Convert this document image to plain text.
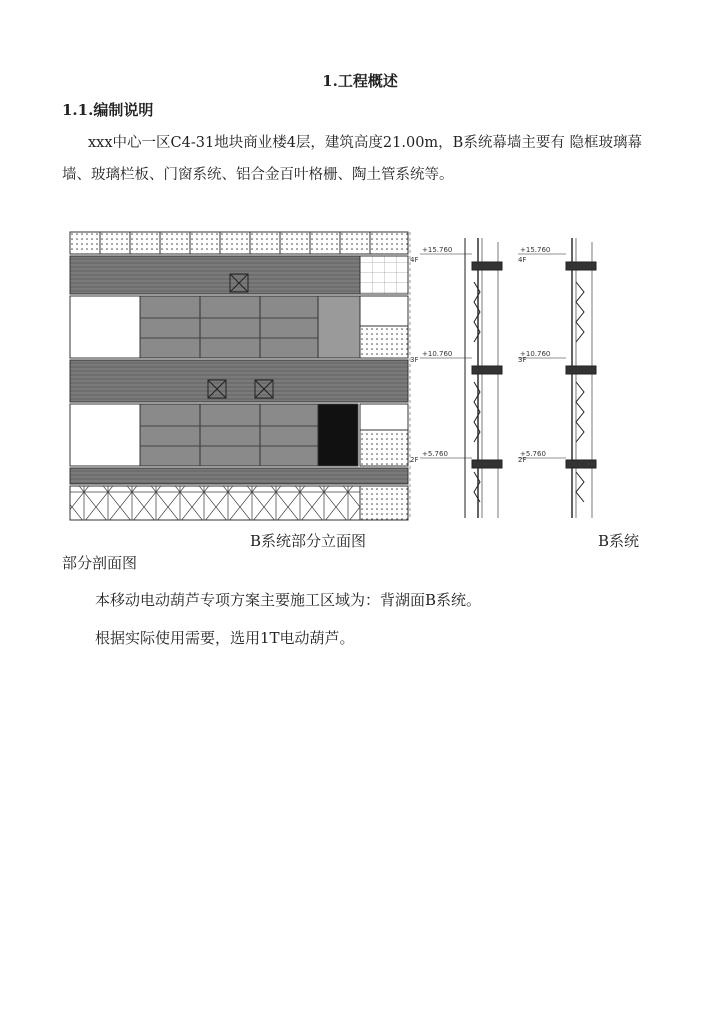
1.工程概述
1.1.编制说明
xxx中心一区C4-31地块商业楼4层，建筑高度21.00m，B系统幕墙主要有 隐框玻璃幕墙、玻璃栏板、门窗系统、铝合金百叶格栅、陶土管系统等。
+15.760
+10.760
+5.760
+15.760
+10.760
+5.760
4F
3F
2F
4F
3F
2F
B系统部分立面图	B系统
部分剖面图
本移动电动葫芦专项方案主要施工区域为：背湖面B系统。
根据实际使用需要，选用1T电动葫芦。
